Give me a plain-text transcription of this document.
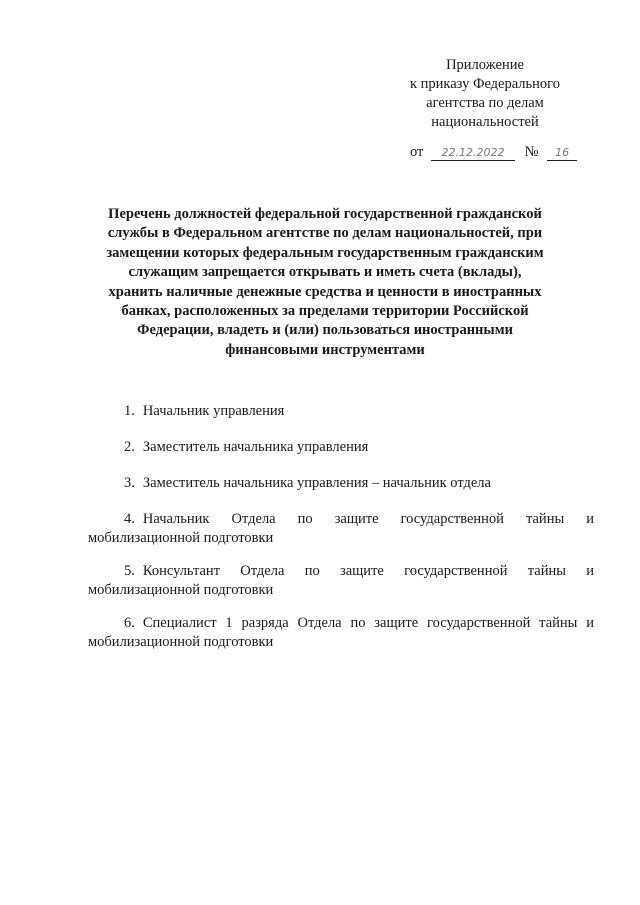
Приложение
к приказу Федерального
агентства по делам
национальностей
от 22.12.2022 № 16
Перечень должностей федеральной государственной гражданской службы в Федеральном агентстве по делам национальностей, при замещении которых федеральным государственным гражданским служащим запрещается открывать и иметь счета (вклады), хранить наличные денежные средства и ценности в иностранных банках, расположенных за пределами территории Российской Федерации, владеть и (или) пользоваться иностранными финансовыми инструментами

1. Начальник управления

2. Заместитель начальника управления

3. Заместитель начальника управления – начальник отдела

4. Начальник Отдела по защите государственной тайны и мобилизационной подготовки

5. Консультант Отдела по защите государственной тайны и мобилизационной подготовки

6. Специалист 1 разряда Отдела по защите государственной тайны и мобилизационной подготовки
